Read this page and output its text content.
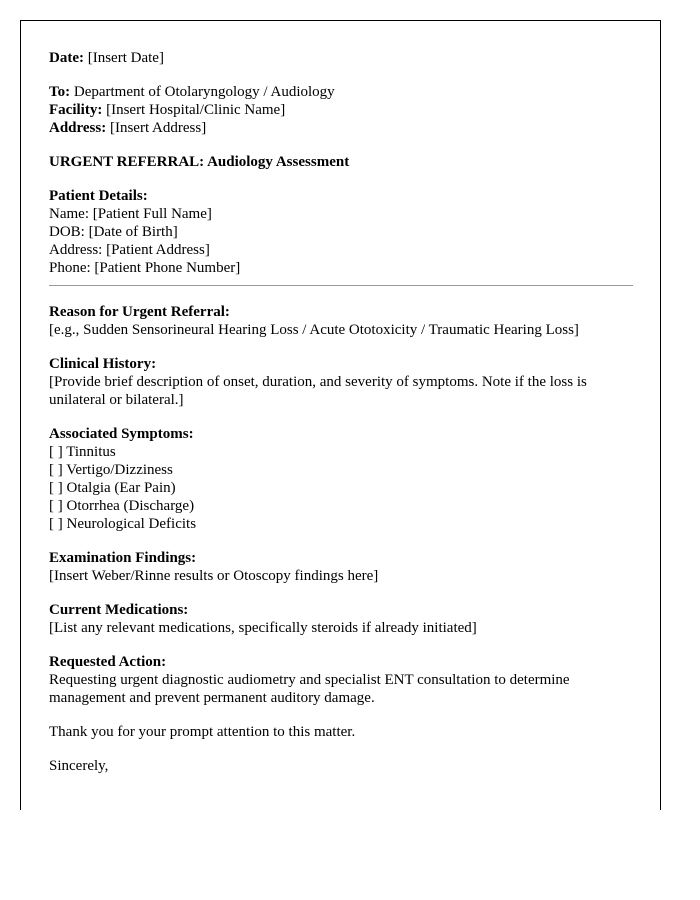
Date: [Insert Date]
To: Department of Otolaryngology / Audiology
Facility: [Insert Hospital/Clinic Name]
Address: [Insert Address]
URGENT REFERRAL: Audiology Assessment
Patient Details:
Name: [Patient Full Name]
DOB: [Date of Birth]
Address: [Patient Address]
Phone: [Patient Phone Number]
Reason for Urgent Referral:
[e.g., Sudden Sensorineural Hearing Loss / Acute Ototoxicity / Traumatic Hearing Loss]
Clinical History:
[Provide brief description of onset, duration, and severity of symptoms. Note if the loss is
unilateral or bilateral.]
Associated Symptoms:
[ ] Tinnitus
[ ] Vertigo/Dizziness
[ ] Otalgia (Ear Pain)
[ ] Otorrhea (Discharge)
[ ] Neurological Deficits
Examination Findings:
[Insert Weber/Rinne results or Otoscopy findings here]
Current Medications:
[List any relevant medications, specifically steroids if already initiated]
Requested Action:
Requesting urgent diagnostic audiometry and specialist ENT consultation to determine
management and prevent permanent auditory damage.
Thank you for your prompt attention to this matter.
Sincerely,
